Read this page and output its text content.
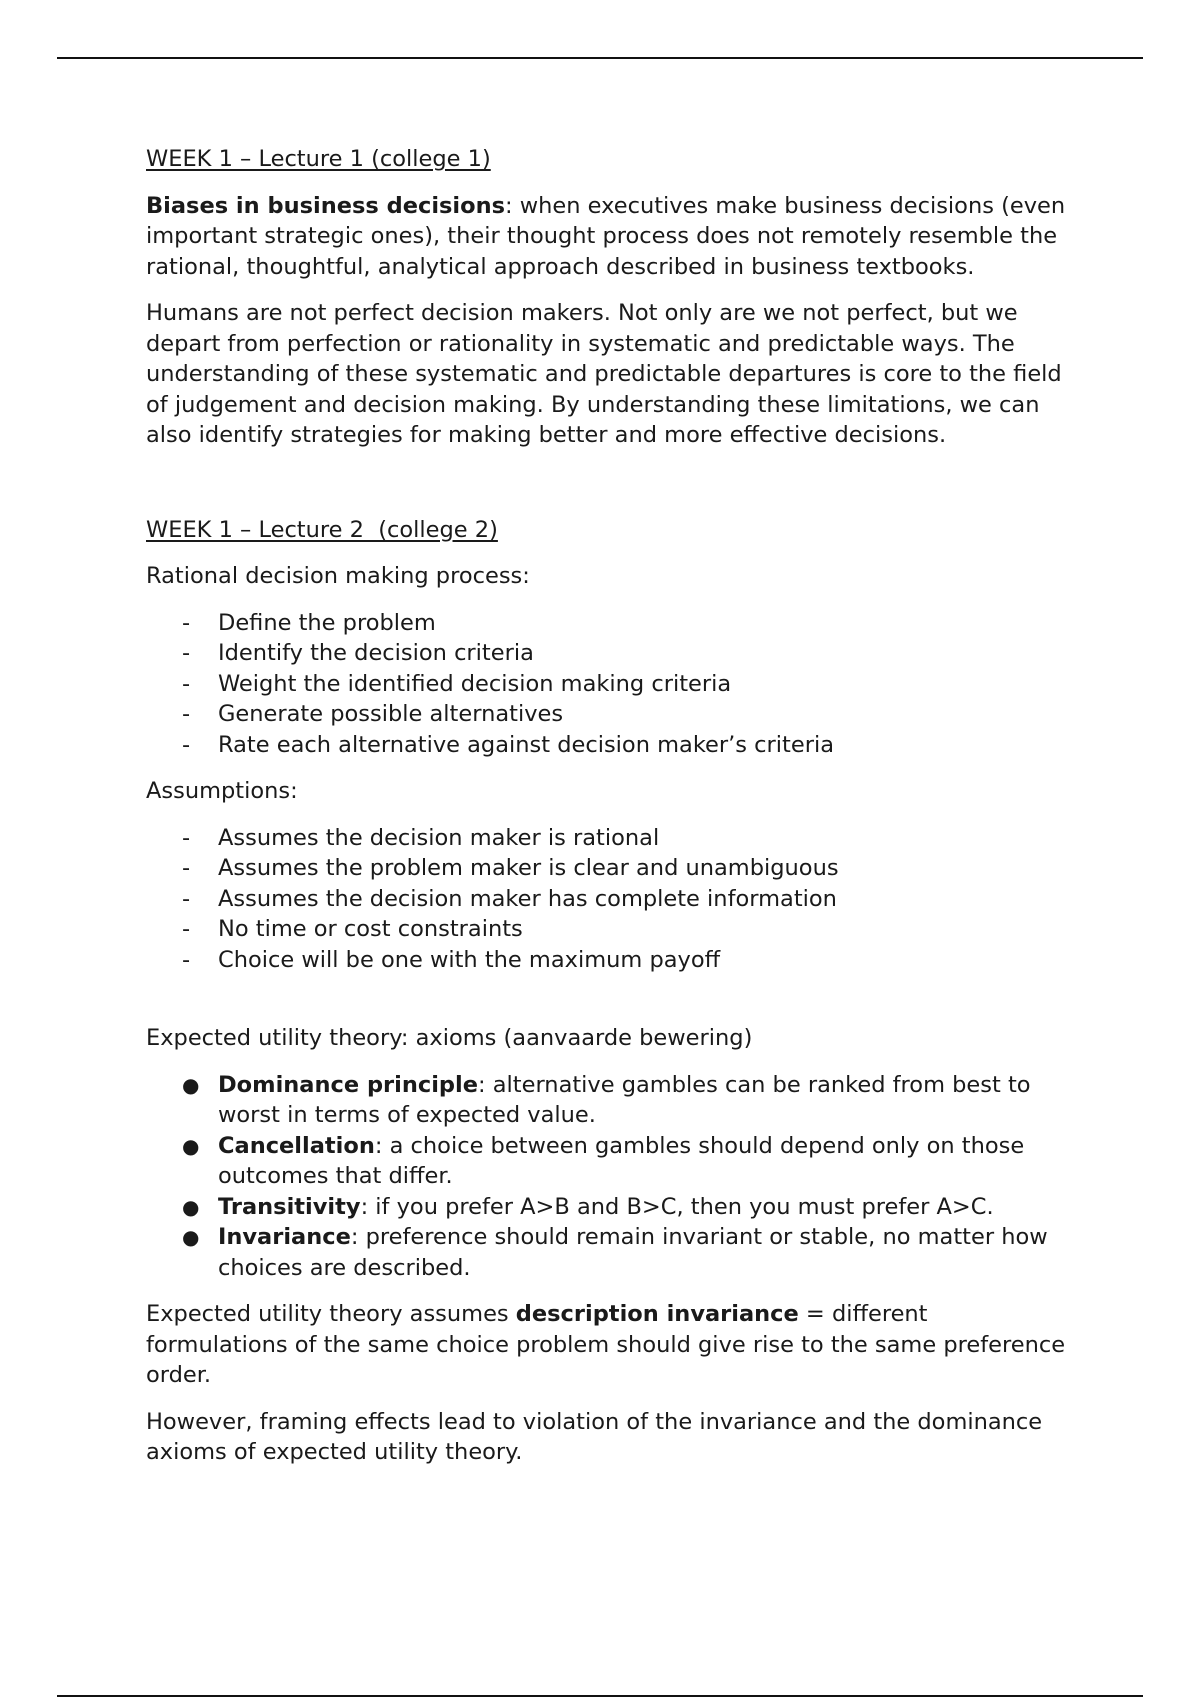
WEEK 1 – Lecture 1 (college 1)

Biases in business decisions: when executives make business decisions (even important strategic ones), their thought process does not remotely resemble the rational, thoughtful, analytical approach described in business textbooks.

Humans are not perfect decision makers. Not only are we not perfect, but we depart from perfection or rationality in systematic and predictable ways. The understanding of these systematic and predictable departures is core to the field of judgement and decision making. By understanding these limitations, we can also identify strategies for making better and more effective decisions.

WEEK 1 – Lecture 2  (college 2)

Rational decision making process:

- Define the problem
- Identify the decision criteria
- Weight the identified decision making criteria
- Generate possible alternatives
- Rate each alternative against decision maker’s criteria

Assumptions:

- Assumes the decision maker is rational
- Assumes the problem maker is clear and unambiguous
- Assumes the decision maker has complete information
- No time or cost constraints
- Choice will be one with the maximum payoff

Expected utility theory: axioms (aanvaarde bewering)

● Dominance principle: alternative gambles can be ranked from best to worst in terms of expected value.
● Cancellation: a choice between gambles should depend only on those outcomes that differ.
● Transitivity: if you prefer A>B and B>C, then you must prefer A>C.
● Invariance: preference should remain invariant or stable, no matter how choices are described.

Expected utility theory assumes description invariance = different formulations of the same choice problem should give rise to the same preference order.

However, framing effects lead to violation of the invariance and the dominance axioms of expected utility theory.
